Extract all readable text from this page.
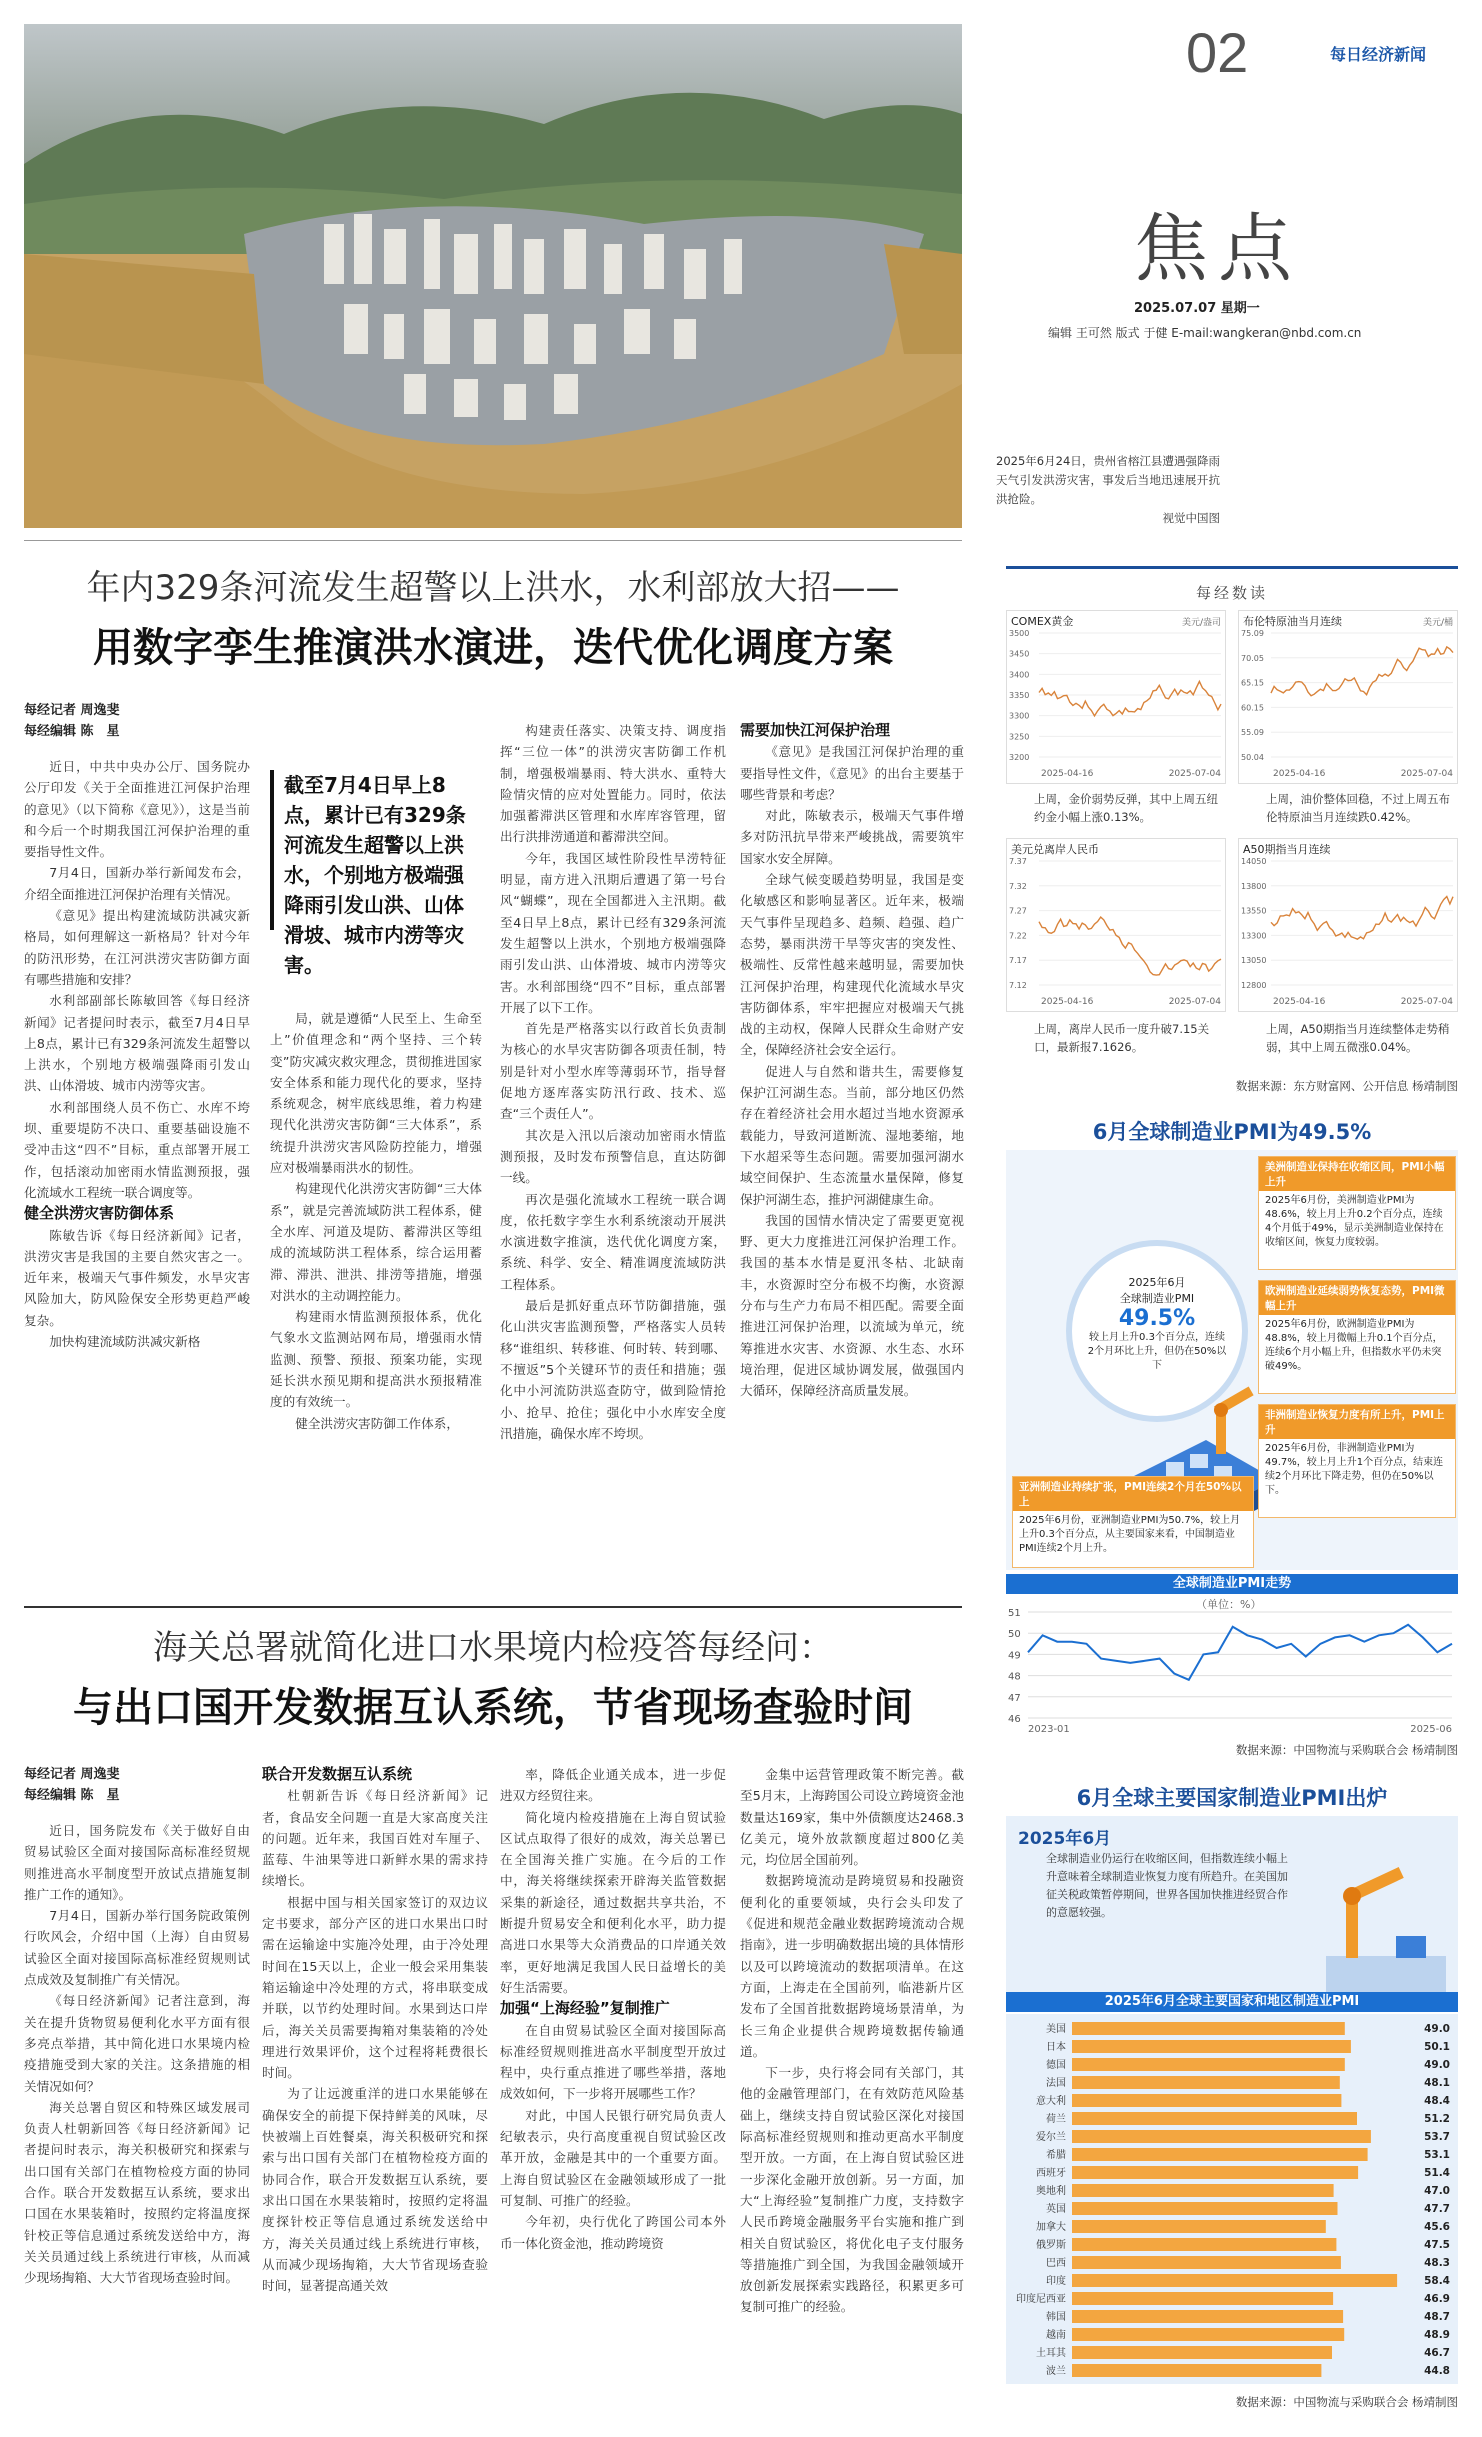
2025年6月24日，贵州省榕江县遭遇强降雨天气引发洪涝灾害，事发后当地迅速展开抗洪抢险。
视觉中国图
02	每日经济新闻
焦点
2025.07.07 星期一
编辑 王可然 版式 于健 E-mail:wangkeran@nbd.com.cn
年内329条河流发生超警以上洪水，水利部放大招——
用数字孪生推演洪水演进，迭代优化调度方案
每经记者 周逸斐
每经编辑 陈　星

近日，中共中央办公厅、国务院办公厅印发《关于全面推进江河保护治理的意见》（以下简称《意见》），这是当前和今后一个时期我国江河保护治理的重要指导性文件。

7月4日，国新办举行新闻发布会，介绍全面推进江河保护治理有关情况。

《意见》提出构建流域防洪减灾新格局，如何理解这一新格局？针对今年的防汛形势，在江河洪涝灾害防御方面有哪些措施和安排？

水利部副部长陈敏回答《每日经济新闻》记者提问时表示，截至7月4日早上8点，累计已有329条河流发生超警以上洪水，个别地方极端强降雨引发山洪、山体滑坡、城市内涝等灾害。

水利部围绕人员不伤亡、水库不垮坝、重要堤防不决口、重要基础设施不受冲击这“四不”目标，重点部署开展工作，包括滚动加密雨水情监测预报，强化流域水工程统一联合调度等。

健全洪涝灾害防御体系

陈敏告诉《每日经济新闻》记者，洪涝灾害是我国的主要自然灾害之一。近年来，极端天气事件频发，水旱灾害风险加大，防风险保安全形势更趋严峻复杂。

加快构建流域防洪减灾新格

截至7月4日早上8点，累计已有329条河流发生超警以上洪水，个别地方极端强降雨引发山洪、山体滑坡、城市内涝等灾害。

局，就是遵循“人民至上、生命至上”价值理念和“两个坚持、三个转变”防灾减灾救灾理念，贯彻推进国家安全体系和能力现代化的要求，坚持系统观念，树牢底线思维，着力构建现代化洪涝灾害防御“三大体系”，系统提升洪涝灾害风险防控能力，增强应对极端暴雨洪水的韧性。

构建现代化洪涝灾害防御“三大体系”，就是完善流域防洪工程体系，健全水库、河道及堤防、蓄滞洪区等组成的流域防洪工程体系，综合运用蓄滞、滞洪、泄洪、排涝等措施，增强对洪水的主动调控能力。

构建雨水情监测预报体系，优化气象水文监测站网布局，增强雨水情监测、预警、预报、预案功能，实现延长洪水预见期和提高洪水预报精准度的有效统一。

健全洪涝灾害防御工作体系，

构建责任落实、决策支持、调度指挥“三位一体”的洪涝灾害防御工作机制，增强极端暴雨、特大洪水、重特大险情灾情的应对处置能力。同时，依法加强蓄滞洪区管理和水库库容管理，留出行洪排涝通道和蓄滞洪空间。

今年，我国区域性阶段性旱涝特征明显，南方进入汛期后遭遇了第一号台风“蝴蝶”，现在全国都进入主汛期。截至4日早上8点，累计已经有329条河流发生超警以上洪水，个别地方极端强降雨引发山洪、山体滑坡、城市内涝等灾害。水利部围绕“四不”目标，重点部署开展了以下工作。

首先是严格落实以行政首长负责制为核心的水旱灾害防御各项责任制，特别是针对小型水库等薄弱环节，指导督促地方逐库落实防汛行政、技术、巡查“三个责任人”。

其次是入汛以后滚动加密雨水情监测预报，及时发布预警信息，直达防御一线。

再次是强化流域水工程统一联合调度，依托数字孪生水利系统滚动开展洪水演进数字推演，迭代优化调度方案，系统、科学、安全、精准调度流域防洪工程体系。

最后是抓好重点环节防御措施，强化山洪灾害监测预警，严格落实人员转移“谁组织、转移谁、何时转、转到哪、不擅返”5个关键环节的责任和措施；强化中小河流防洪巡查防守，做到险情抢小、抢早、抢住；强化中小水库安全度汛措施，确保水库不垮坝。

需要加快江河保护治理

《意见》是我国江河保护治理的重要指导性文件，《意见》的出台主要基于哪些背景和考虑？

对此，陈敏表示，极端天气事件增多对防汛抗旱带来严峻挑战，需要筑牢国家水安全屏障。

全球气候变暖趋势明显，我国是变化敏感区和影响显著区。近年来，极端天气事件呈现趋多、趋频、趋强、趋广态势，暴雨洪涝干旱等灾害的突发性、极端性、反常性越来越明显，需要加快江河保护治理，构建现代化流域水旱灾害防御体系，牢牢把握应对极端天气挑战的主动权，保障人民群众生命财产安全，保障经济社会安全运行。

促进人与自然和谐共生，需要修复保护江河湖生态。当前，部分地区仍然存在着经济社会用水超过当地水资源承载能力，导致河道断流、湿地萎缩，地下水超采等生态问题。需要加强河湖水域空间保护、生态流量水量保障，修复保护河湖生态，推护河湖健康生命。

我国的国情水情决定了需要更宽视野、更大力度推进江河保护治理工作。我国的基本水情是夏汛冬枯、北缺南丰，水资源时空分布极不均衡，水资源分布与生产力布局不相匹配。需要全面推进江河保护治理，以流域为单元，统筹推进水灾害、水资源、水生态、水环境治理，促进区域协调发展，做强国内大循环，保障经济高质量发展。

海关总署就简化进口水果境内检疫答每经问：
与出口国开发数据互认系统，节省现场查验时间
每经记者 周逸斐
每经编辑 陈　星

近日，国务院发布《关于做好自由贸易试验区全面对接国际高标准经贸规则推进高水平制度型开放试点措施复制推广工作的通知》。

7月4日，国新办举行国务院政策例行吹风会，介绍中国（上海）自由贸易试验区全面对接国际高标准经贸规则试点成效及复制推广有关情况。

《每日经济新闻》记者注意到，海关在提升货物贸易便利化水平方面有很多亮点举措，其中简化进口水果境内检疫措施受到大家的关注。这条措施的相关情况如何？

海关总署自贸区和特殊区域发展司负责人杜朝新回答《每日经济新闻》记者提问时表示，海关积极研究和探索与出口国有关部门在植物检疫方面的协同合作。联合开发数据互认系统，要求出口国在水果装箱时，按照约定将温度探针校正等信息通过系统发送给中方，海关关员通过线上系统进行审核，从而减少现场掏箱、大大节省现场查验时间。

联合开发数据互认系统

杜朝新告诉《每日经济新闻》记者，食品安全问题一直是大家高度关注的问题。近年来，我国百姓对车厘子、蓝莓、牛油果等进口新鲜水果的需求持续增长。

根据中国与相关国家签订的双边议定书要求，部分产区的进口水果出口时需在运输途中实施冷处理，由于冷处理时间在15天以上，企业一般会采用集装箱运输途中冷处理的方式，将串联变成并联，以节约处理时间。水果到达口岸后，海关关员需要掏箱对集装箱的冷处理进行效果评价，这个过程将耗费很长时间。

为了让远渡重洋的进口水果能够在确保安全的前提下保持鲜美的风味，尽快被端上百姓餐桌，海关积极研究和探索与出口国有关部门在植物检疫方面的协同合作，联合开发数据互认系统，要求出口国在水果装箱时，按照约定将温度探针校正等信息通过系统发送给中方，海关关员通过线上系统进行审核，从而减少现场掏箱，大大节省现场查验时间，显著提高通关效

率，降低企业通关成本，进一步促进双方经贸往来。

简化境内检疫措施在上海自贸试验区试点取得了很好的成效，海关总署已在全国海关推广实施。在今后的工作中，海关将继续探索开辟海关监管数据采集的新途径，通过数据共享共治，不断提升贸易安全和便利化水平，助力提高进口水果等大众消费品的口岸通关效率，更好地满足我国人民日益增长的美好生活需要。

加强“上海经验”复制推广

在自由贸易试验区全面对接国际高标准经贸规则推进高水平制度型开放过程中，央行重点推进了哪些举措，落地成效如何，下一步将开展哪些工作？

对此，中国人民银行研究局负责人纪敏表示，央行高度重视自贸试验区改革开放，金融是其中的一个重要方面。上海自贸试验区在金融领域形成了一批可复制、可推广的经验。

今年初，央行优化了跨国公司本外币一体化资金池，推动跨境资

金集中运营管理政策不断完善。截至5月末，上海跨国公司设立跨境资金池数量达169家，集中外债额度达2468.3亿美元，境外放款额度超过800亿美元，均位居全国前列。

数据跨境流动是跨境贸易和投融资便利化的重要领域，央行会头印发了《促进和规范金融业数据跨境流动合规指南》，进一步明确数据出境的具体情形以及可以跨境流动的数据项清单。在这方面，上海走在全国前列，临港新片区发布了全国首批数据跨境场景清单，为长三角企业提供合规跨境数据传输通道。

下一步，央行将会同有关部门，其他的金融管理部门，在有效防范风险基础上，继续支持自贸试验区深化对接国际高标准经贸规则和推动更高水平制度型开放。一方面，在上海自贸试验区进一步深化金融开放创新。另一方面，加大“上海经验”复制推广力度，支持数字人民币跨境金融服务平台实施和推广到相关自贸试验区，将优化电子支付服务等措施推广到全国，为我国金融领域开放创新发展探索实践路径，积累更多可复制可推广的经验。

每经数读
COMEX黄金	美元/盎司
3500
3450
3400
3350
3300
3250
3200
2025-04-16	2025-07-04
上周，金价弱势反弹，其中上周五纽约金小幅上涨0.13%。
布伦特原油当月连续	美元/桶
75.09
70.05
65.15
60.15
55.09
50.04
2025-04-16	2025-07-04
上周，油价整体回稳，不过上周五布伦特原油当月连续跌0.42%。
美元兑离岸人民币
7.37
7.32
7.27
7.22
7.17
7.12
2025-04-16	2025-07-04
上周，离岸人民币一度升破7.15关口，最新报7.1626。
A50期指当月连续
14050
13800
13550
13300
13050
12800
2025-04-16	2025-07-04
上周，A50期指当月连续整体走势稍弱，其中上周五微涨0.04%。
数据来源：东方财富网、公开信息 杨靖制图
6月全球制造业PMI为49.5%
2025年6月
全球制造业PMI
49.5%
较上月上升0.3个百分点，连续2个月环比上升，但仍在50%以下
美洲制造业保持在收缩区间，PMI小幅上升
2025年6月份，美洲制造业PMI为48.6%，较上月上升0.2个百分点，连续4个月低于49%，显示美洲制造业保持在收缩区间，恢复力度较弱。
欧洲制造业延续弱势恢复态势，PMI微幅上升
2025年6月份，欧洲制造业PMI为48.8%，较上月微幅上升0.1个百分点，连续6个月小幅上升，但指数水平仍未突破49%。
非洲制造业恢复力度有所上升，PMI上升
2025年6月份，非洲制造业PMI为49.7%，较上月上升1个百分点，结束连续2个月环比下降走势，但仍在50%以下。
亚洲制造业持续扩张，PMI连续2个月在50%以上
2025年6月份，亚洲制造业PMI为50.7%，较上月上升0.3个百分点，从主要国家来看，中国制造业PMI连续2个月上升。
全球制造业PMI走势
（单位：%）
51
50
49
48
47
46
2023-01	2025-06
数据来源：中国物流与采购联合会 杨靖制图
6月全球主要国家制造业PMI出炉
2025年6月
全球制造业仍运行在收缩区间，但指数连续小幅上升意味着全球制造业恢复力度有所趋升。在美国加征关税政策暂停期间，世界各国加快推进经贸合作的意愿较强。
2025年6月全球主要国家和地区制造业PMI
美国	49.0
日本	50.1
德国	49.0
法国	48.1
意大利	48.4
荷兰	51.2
爱尔兰	53.7
希腊	53.1
西班牙	51.4
奥地利	47.0
英国	47.7
加拿大	45.6
俄罗斯	47.5
巴西	48.3
印度	58.4
印度尼西亚	46.9
韩国	48.7
越南	48.9
土耳其	46.7
波兰	44.8
数据来源：中国物流与采购联合会 杨靖制图
